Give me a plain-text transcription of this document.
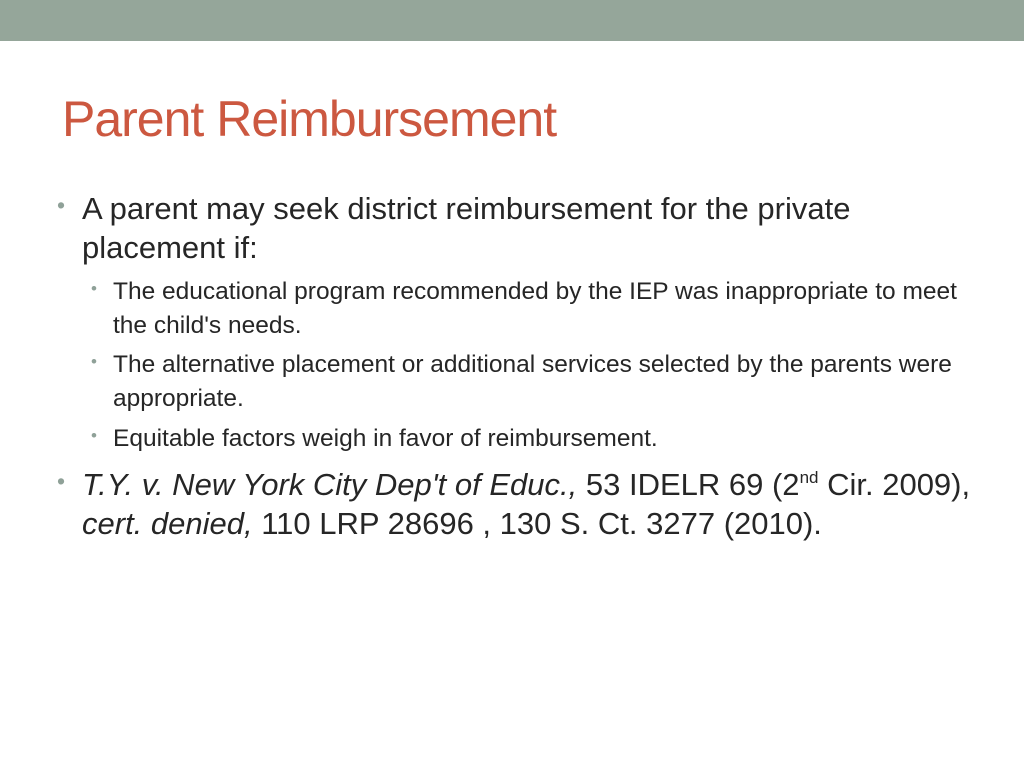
Parent Reimbursement
• A parent may seek district reimbursement for the private placement if:
• The educational program recommended by the IEP was inappropriate to meet the child's needs.
• The alternative placement or additional services selected by the parents were appropriate.
• Equitable factors weigh in favor of reimbursement.
• T.Y. v. New York City Dep't of Educ., 53 IDELR 69 (2nd Cir. 2009), cert. denied, 110 LRP 28696 , 130 S. Ct. 3277 (2010).
